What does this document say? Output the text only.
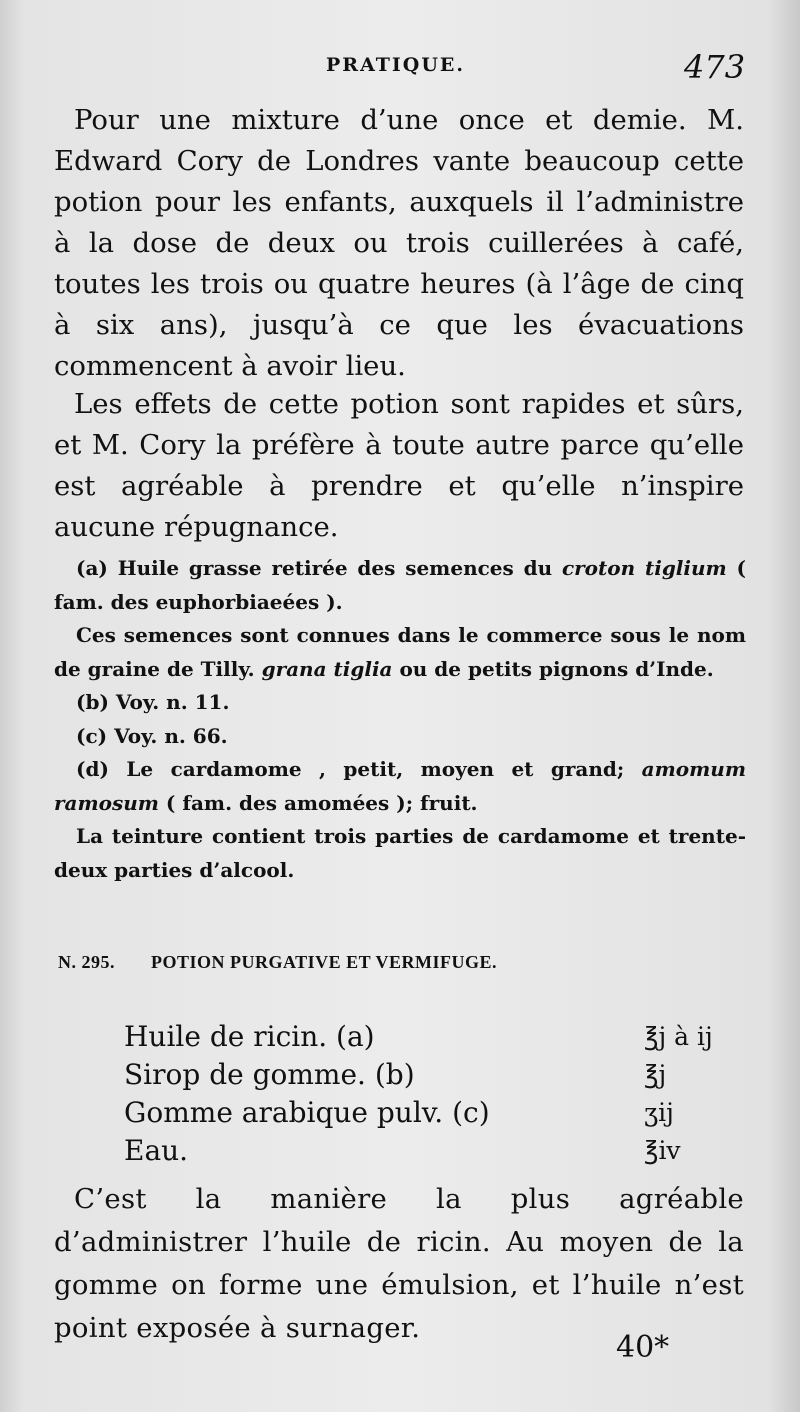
PRATIQUE.	473
Pour une mixture d’une once et demie. M. Edward Cory de Londres vante beaucoup cette potion pour les enfants, auxquels il l’administre à la dose de deux ou trois cuillerées à café, toutes les trois ou quatre heures (à l’âge de cinq à six ans), jusqu’à ce que les évacuations commencent à avoir lieu.
Les effets de cette potion sont rapides et sûrs, et M. Cory la préfère à toute autre parce qu’elle est agréable à prendre et qu’elle n’inspire aucune répugnance.
(a) Huile grasse retirée des semences du croton tiglium ( fam. des euphorbiaeées ).
Ces semences sont connues dans le commerce sous le nom de graine de Tilly. grana tiglia ou de petits pignons d’Inde.
(b) Voy. n. 11.
(c) Voy. n. 66.
(d) Le cardamome , petit, moyen et grand; amomum ramosum ( fam. des amomées ); fruit.
La teinture contient trois parties de cardamome et trente-deux parties d’alcool.
N. 295. POTION PURGATIVE ET VERMIFUGE.
Huile de ricin. (a)	℥j à ij
Sirop de gomme. (b)	℥j
Gomme arabique pulv. (c)	ʒij
Eau.	℥iv
C’est la manière la plus agréable d’administrer l’huile de ricin. Au moyen de la gomme on forme une émulsion, et l’huile n’est point exposée à surnager.
40*
